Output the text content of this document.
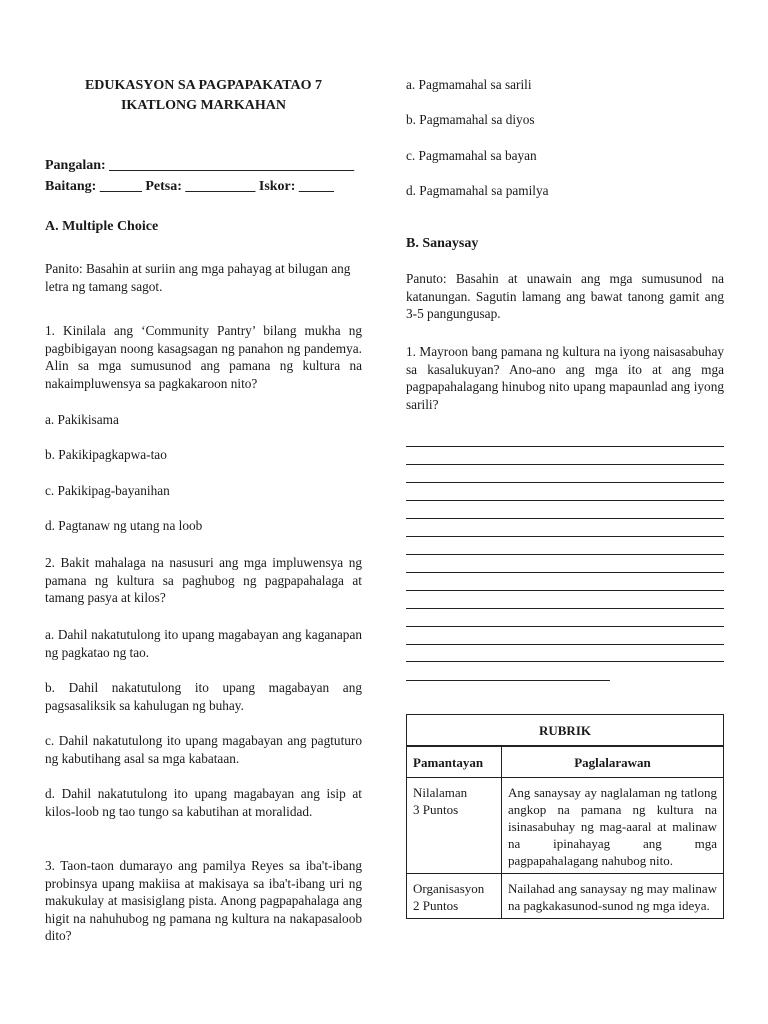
EDUKASYON SA PAGPAPAKATAO 7

IKATLONG MARKAHAN

Pangalan: ___________________________________

Baitang: ______ Petsa: __________ Iskor: _____

A. Multiple Choice

Panito: Basahin at suriin ang mga pahayag at bilugan ang letra ng tamang sagot.

1. Kinilala ang ‘Community Pantry’ bilang mukha ng pagbibigayan noong kasagsagan ng panahon ng pandemya. Alin sa mga sumusunod ang pamana ng kultura na nakaimpluwensya sa pagkakaroon nito?

a. Pakikisama

b. Pakikipagkapwa-tao

c. Pakikipag-bayanihan

d. Pagtanaw ng utang na loob

2. Bakit mahalaga na nasusuri ang mga impluwensya ng pamana ng kultura sa paghubog ng pagpapahalaga at tamang pasya at kilos?

a. Dahil nakatutulong ito upang magabayan ang kaganapan ng pagkatao ng tao.

b. Dahil nakatutulong ito upang magabayan ang pagsasaliksik sa kahulugan ng buhay.

c. Dahil nakatutulong ito upang magabayan ang pagtuturo ng kabutihang asal sa mga kabataan.

d. Dahil nakatutulong ito upang magabayan ang isip at kilos-loob ng tao tungo sa kabutihan at moralidad.

3. Taon-taon dumarayo ang pamilya Reyes sa iba't-ibang probinsya upang makiisa at makisaya sa iba't-ibang uri ng makukulay at masisiglang pista. Anong pagpapahalaga ang higit na nahuhubog ng pamana ng kultura na nakapasaloob dito?

a. Pagmamahal sa sarili

b. Pagmamahal sa diyos

c. Pagmamahal sa bayan

d. Pagmamahal sa pamilya

B. Sanaysay

Panuto: Basahin at unawain ang mga sumusunod na katanungan. Sagutin lamang ang bawat tanong gamit ang 3-5 pangungusap.

1. Mayroon bang pamana ng kultura na iyong naisasabuhay sa kasalukuyan? Ano-ano ang mga ito at ang mga pagpapahalagang hinubog nito upang mapaunlad ang iyong sarili?

RUBRIK	
Pamantayan	Paglalarawan
Nilalaman
3 Puntos	Ang sanaysay ay naglalaman ng tatlong angkop na pamana ng kultura na isinasabuhay ng mag-aaral at malinaw na ipinahayag ang mga pagpapahalagang nahubog nito.
Organisasyon
2 Puntos	Nailahad ang sanaysay ng may malinaw na pagkakasunod-sunod ng mga ideya.
